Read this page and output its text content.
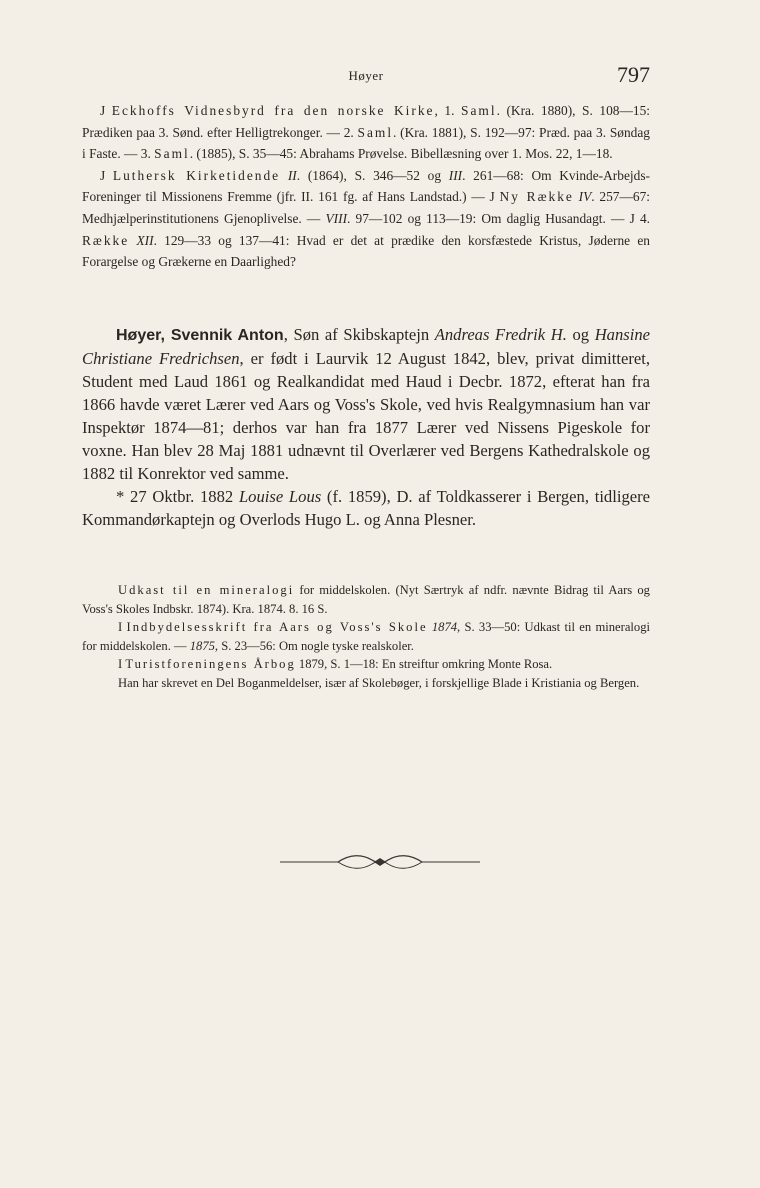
Høyer	797

J Eckhoffs Vidnesbyrd fra den norske Kirke, 1. Saml. (Kra. 1880), S. 108—15: Prædiken paa 3. Sønd. efter Helligtrekonger. — 2. Saml. (Kra. 1881), S. 192—97: Præd. paa 3. Søndag i Faste. — 3. Saml. (1885), S. 35—45: Abrahams Prøvelse. Bibellæsning over 1. Mos. 22, 1—18.

J Luthersk Kirketidende II. (1864), S. 346—52 og III. 261—68: Om Kvinde-Arbejds-Foreninger til Missionens Fremme (jfr. II. 161 fg. af Hans Landstad.) — J Ny Række IV. 257—67: Medhjælperinstitutionens Gjenoplivelse. — VIII. 97—102 og 113—19: Om daglig Husandagt. — J 4. Række XII. 129—33 og 137—41: Hvad er det at prædike den korsfæstede Kristus, Jøderne en Forargelse og Grækerne en Daarlighed?

Høyer, Svennik Anton, Søn af Skibskaptejn Andreas Fredrik H. og Hansine Christiane Fredrichsen, er født i Laurvik 12 August 1842, blev, privat dimitteret, Student med Laud 1861 og Realkandidat med Haud i Decbr. 1872, efterat han fra 1866 havde været Lærer ved Aars og Voss's Skole, ved hvis Realgymnasium han var Inspektør 1874—81; derhos var han fra 1877 Lærer ved Nissens Pigeskole for voxne. Han blev 28 Maj 1881 udnævnt til Overlærer ved Bergens Kathedralskole og 1882 til Konrektor ved samme.

* 27 Oktbr. 1882 Louise Lous (f. 1859), D. af Toldkasserer i Bergen, tidligere Kommandørkaptejn og Overlods Hugo L. og Anna Plesner.

Udkast til en mineralogi for middelskolen. (Nyt Særtryk af ndfr. nævnte Bidrag til Aars og Voss's Skoles Indbskr. 1874). Kra. 1874. 8. 16 S.

I Indbydelsesskrift fra Aars og Voss's Skole 1874, S. 33—50: Udkast til en mineralogi for middelskolen. — 1875, S. 23—56: Om nogle tyske realskoler.

I Turistforeningens Årbog 1879, S. 1—18: En streiftur omkring Monte Rosa.

Han har skrevet en Del Boganmeldelser, især af Skolebøger, i forskjellige Blade i Kristiania og Bergen.
